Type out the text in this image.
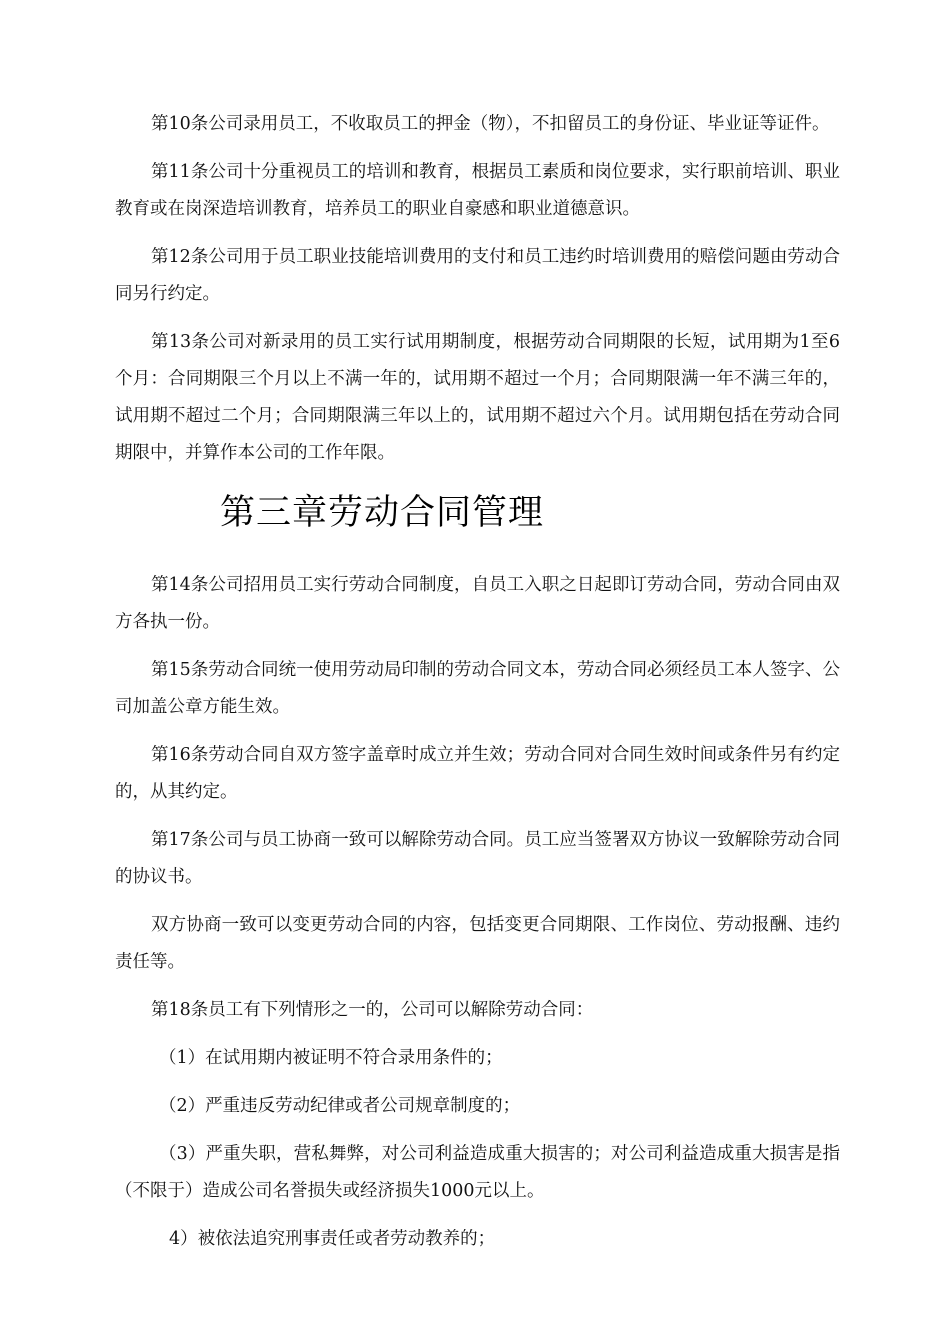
第10条公司录用员工，不收取员工的押金（物），不扣留员工的身份证、毕业证等证件。

第11条公司十分重视员工的培训和教育，根据员工素质和岗位要求，实行职前培训、职业教育或在岗深造培训教育，培养员工的职业自豪感和职业道德意识。

第12条公司用于员工职业技能培训费用的支付和员工违约时培训费用的赔偿问题由劳动合同另行约定。

第13条公司对新录用的员工实行试用期制度，根据劳动合同期限的长短，试用期为1至6个月：合同期限三个月以上不满一年的，试用期不超过一个月；合同期限满一年不满三年的，试用期不超过二个月；合同期限满三年以上的，试用期不超过六个月。试用期包括在劳动合同期限中，并算作本公司的工作年限。

第三章劳动合同管理

第14条公司招用员工实行劳动合同制度，自员工入职之日起即订劳动合同，劳动合同由双方各执一份。

第15条劳动合同统一使用劳动局印制的劳动合同文本，劳动合同必须经员工本人签字、公司加盖公章方能生效。

第16条劳动合同自双方签字盖章时成立并生效；劳动合同对合同生效时间或条件另有约定的，从其约定。

第17条公司与员工协商一致可以解除劳动合同。员工应当签署双方协议一致解除劳动合同的协议书。

双方协商一致可以变更劳动合同的内容，包括变更合同期限、工作岗位、劳动报酬、违约责任等。

第18条员工有下列情形之一的，公司可以解除劳动合同：

（1）在试用期内被证明不符合录用条件的；

（2）严重违反劳动纪律或者公司规章制度的；

（3）严重失职，营私舞弊，对公司利益造成重大损害的；对公司利益造成重大损害是指（不限于）造成公司名誉损失或经济损失1000元以上。

4）被依法追究刑事责任或者劳动教养的；
